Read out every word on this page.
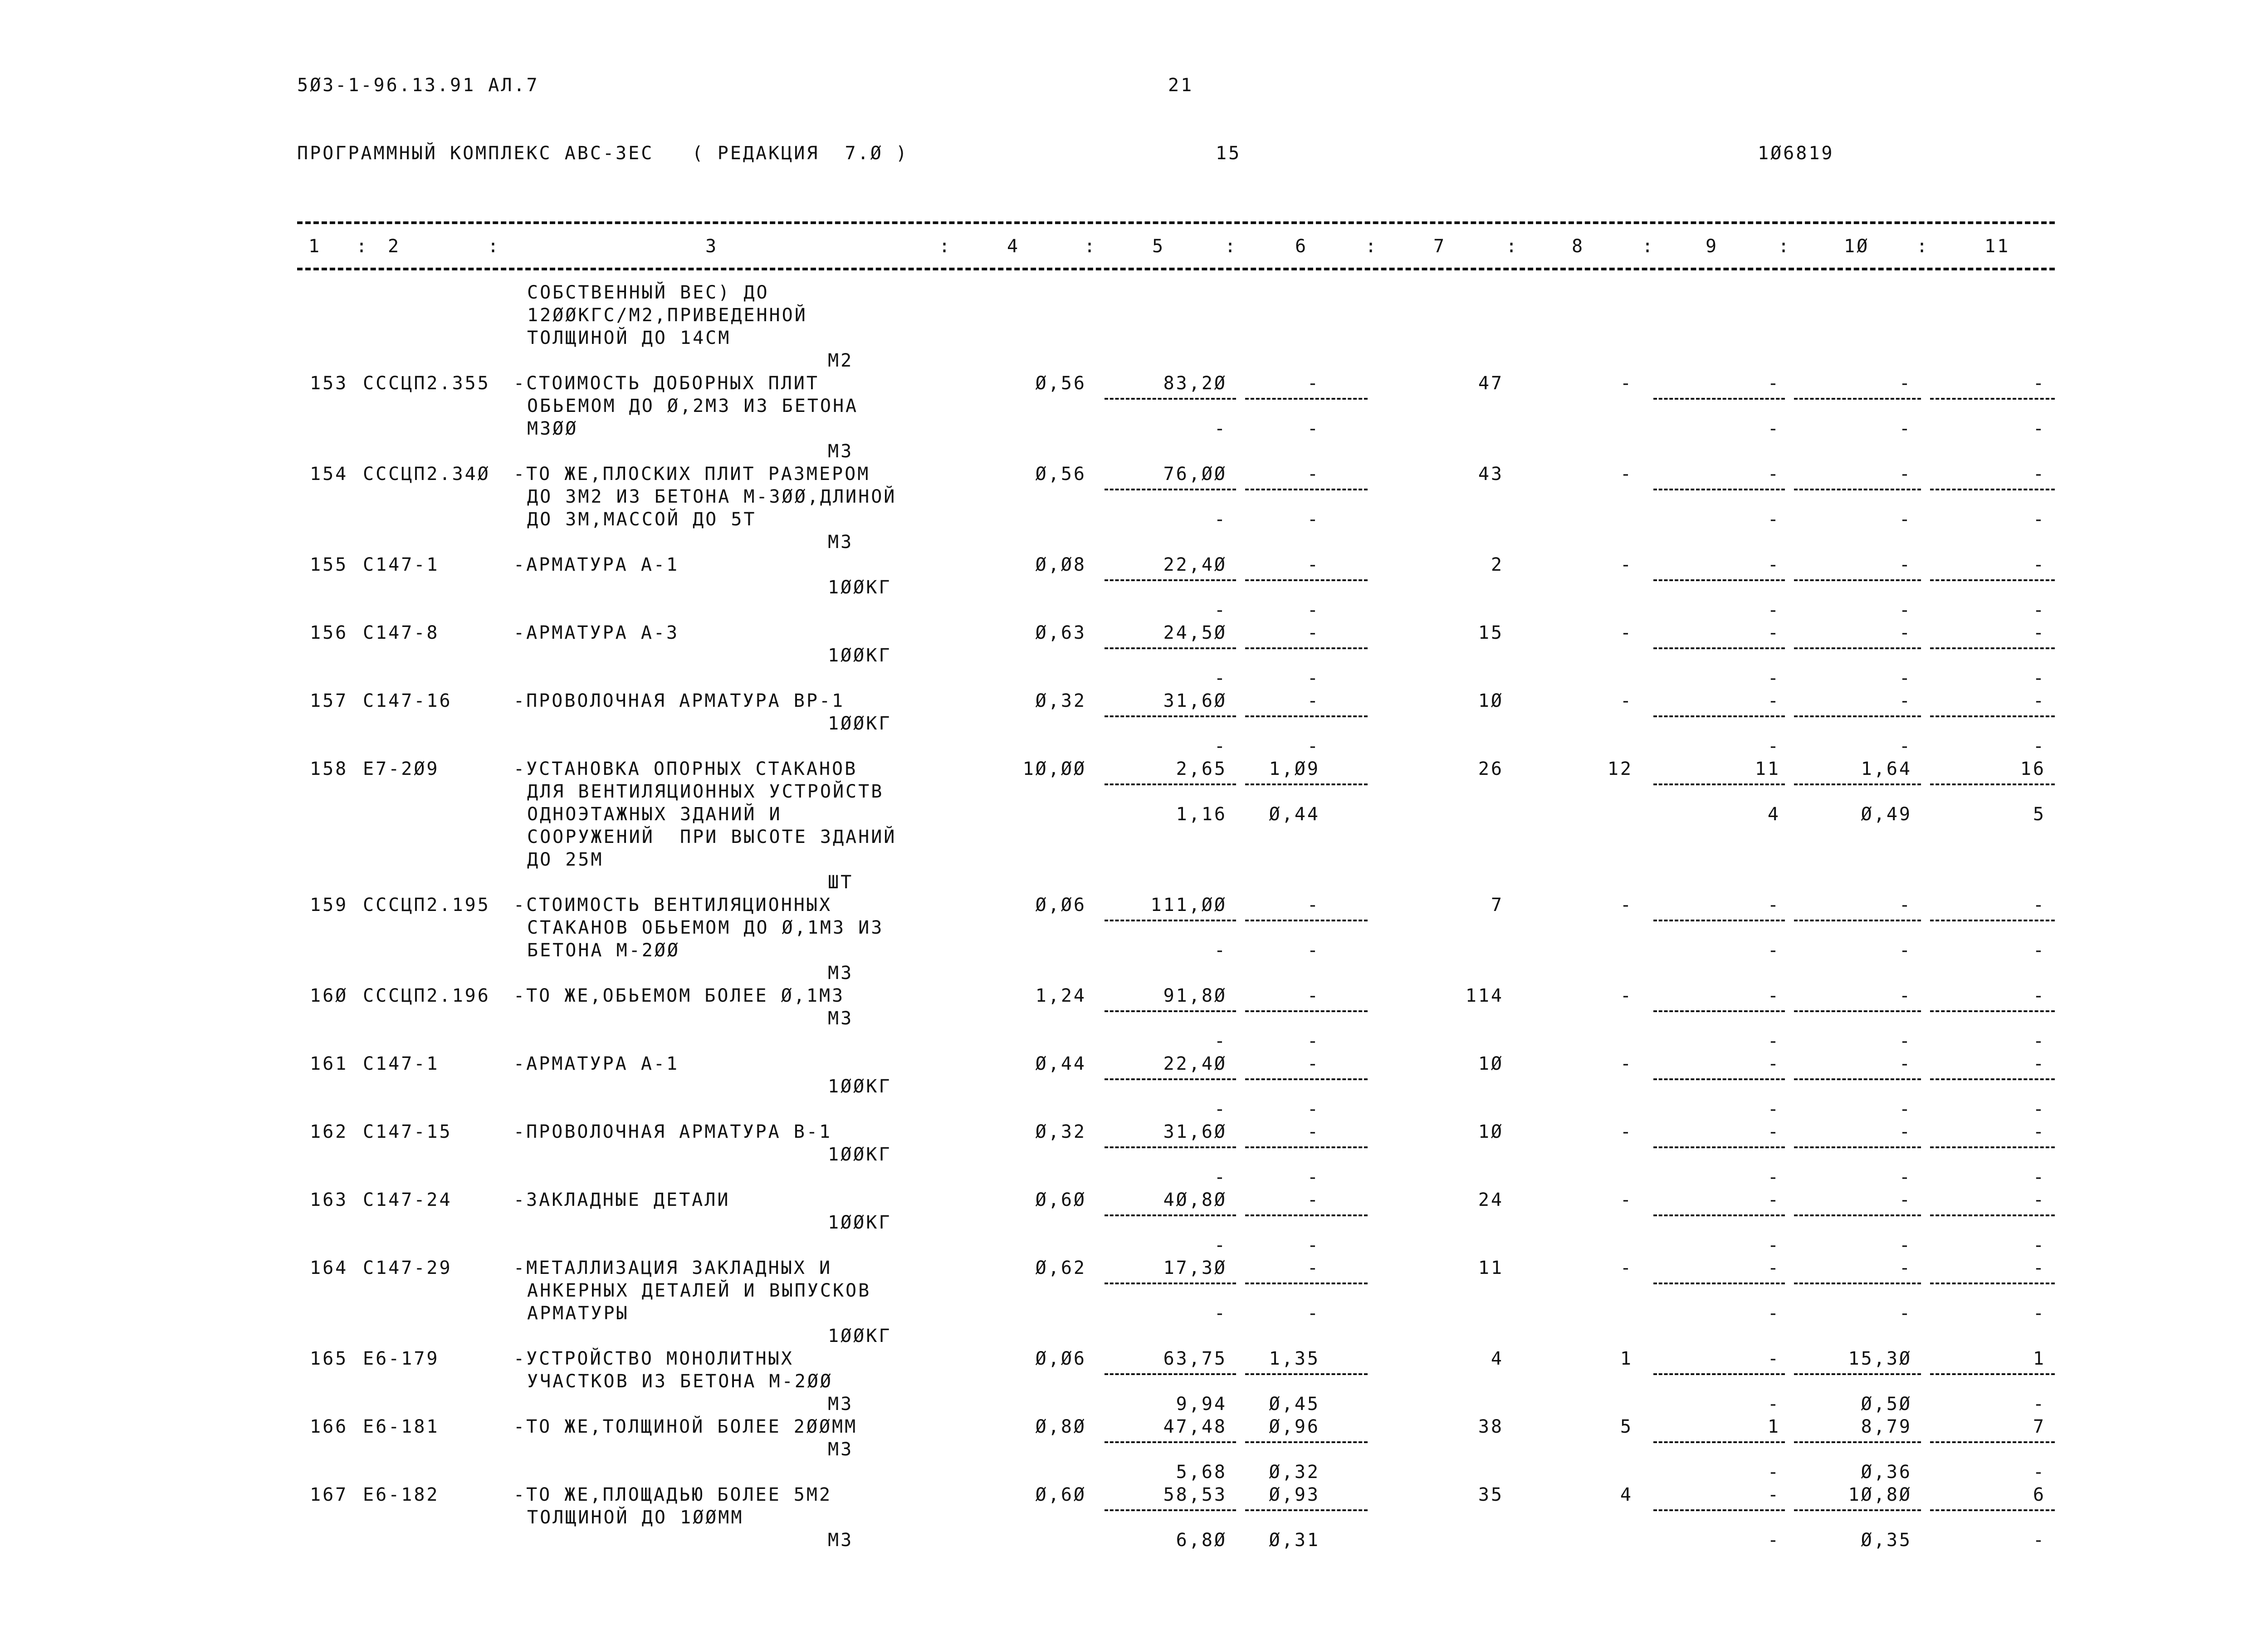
5Ø3-1-96.13.91 АЛ.7	21
ПРОГРАММНЫЙ КОМПЛЕКС АВС-3ЕС   ( РЕДАКЦИЯ  7.Ø )	15	1Ø6819
1	2	3	4	5	6	7	8	9	1Ø	11
:	:	:	:	:	:	:	:	:	:
СОБСТВЕННЫЙ ВЕС) ДО
12ØØКГС/М2,ПРИВЕДЕННОЙ
ТОЛЩИНОЙ ДО 14СМ
М2
153 СССЦП2.355 -СТОИМОСТЬ ДОБОРНЫХ ПЛИТ
ОБЬЕМОМ ДО Ø,2М3 ИЗ БЕТОНА
М3ØØ
М3
Ø,56	83,2Ø	-	47	-	-	-	-
-	-	-	-	-
154 СССЦП2.34Ø -ТО ЖЕ,ПЛОСКИХ ПЛИТ РАЗМЕРОМ
ДО 3М2 ИЗ БЕТОНА М-3ØØ,ДЛИНОЙ
ДО 3М,МАССОЙ ДО 5Т
М3
Ø,56	76,ØØ	-	43	-	-	-	-
-	-	-	-	-
155 С147-1	-АРМАТУРА А-1
1ØØКГ
Ø,Ø8	22,4Ø	-	2	-	-	-	-
-	-	-	-	-
156 С147-8	-АРМАТУРА А-3
1ØØКГ
Ø,63	24,5Ø	-	15	-	-	-	-
-	-	-	-	-
157 С147-16	-ПРОВОЛОЧНАЯ АРМАТУРА ВР-1
1ØØКГ
Ø,32	31,6Ø	-	1Ø	-	-	-	-
-	-	-	-	-
158 Е7-2Ø9	-УСТАНОВКА ОПОРНЫХ СТАКАНОВ
ДЛЯ ВЕНТИЛЯЦИОННЫХ УСТРОЙСТВ
ОДНОЭТАЖНЫХ ЗДАНИЙ И
СООРУЖЕНИЙ  ПРИ ВЫСОТЕ ЗДАНИЙ
ДО 25М
ШТ
1Ø,ØØ	2,65	1,Ø9	26	12	11	1,64	16
1,16	Ø,44	4	Ø,49	5
159 СССЦП2.195 -СТОИМОСТЬ ВЕНТИЛЯЦИОННЫХ
СТАКАНОВ ОБЬЕМОМ ДО Ø,1М3 ИЗ
БЕТОНА М-2ØØ
М3
Ø,Ø6	111,ØØ	-	7	-	-	-	-
-	-	-	-	-
16Ø СССЦП2.196 -ТО ЖЕ,ОБЬЕМОМ БОЛЕЕ Ø,1М3
М3
1,24	91,8Ø	-	114	-	-	-	-
-	-	-	-	-
161 С147-1	-АРМАТУРА А-1
1ØØКГ
Ø,44	22,4Ø	-	1Ø	-	-	-	-
-	-	-	-	-
162 С147-15	-ПРОВОЛОЧНАЯ АРМАТУРА В-1
1ØØКГ
Ø,32	31,6Ø	-	1Ø	-	-	-	-
-	-	-	-	-
163 С147-24	-ЗАКЛАДНЫЕ ДЕТАЛИ
1ØØКГ
Ø,6Ø	4Ø,8Ø	-	24	-	-	-	-
-	-	-	-	-
164 С147-29	-МЕТАЛЛИЗАЦИЯ ЗАКЛАДНЫХ И
АНКЕРНЫХ ДЕТАЛЕЙ И ВЫПУСКОВ
АРМАТУРЫ
1ØØКГ
Ø,62	17,3Ø	-	11	-	-	-	-
-	-	-	-	-
165 Е6-179	-УСТРОЙСТВО МОНОЛИТНЫХ
УЧАСТКОВ ИЗ БЕТОНА М-2ØØ
М3
Ø,Ø6	63,75	1,35	4	1	-	15,3Ø	1
9,94	Ø,45	-	Ø,5Ø	-
166 Е6-181	-ТО ЖЕ,ТОЛЩИНОЙ БОЛЕЕ 2ØØММ
М3
Ø,8Ø	47,48	Ø,96	38	5	1	8,79	7
5,68	Ø,32	-	Ø,36	-
167 Е6-182	-ТО ЖЕ,ПЛОЩАДЬЮ БОЛЕЕ 5М2
ТОЛЩИНОЙ ДО 1ØØММ
М3
Ø,6Ø	58,53	Ø,93	35	4	-	1Ø,8Ø	6
6,8Ø	Ø,31	-	Ø,35	-
